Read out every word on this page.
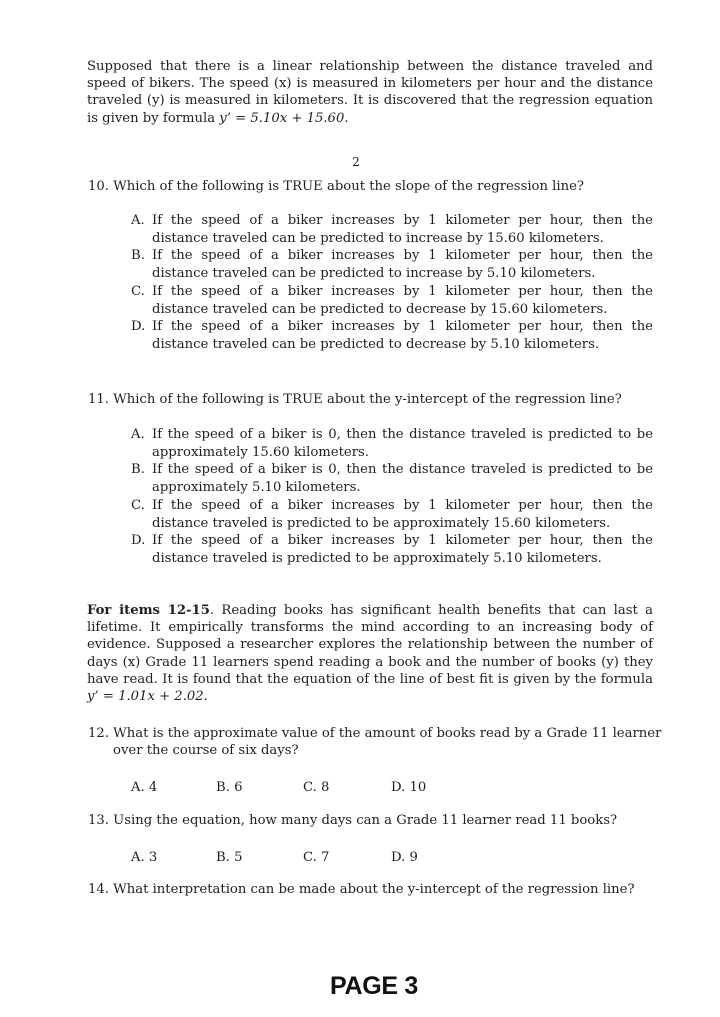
Supposed that there is a linear relationship between the distance traveled and speed of bikers. The speed (x) is measured in kilometers per hour and the distance traveled (y) is measured in kilometers. It is discovered that the regression equation is given by formula y’ = 5.10x + 15.60.
2
10. Which of the following is TRUE about the slope of the regression line?
A. If the speed of a biker increases by 1 kilometer per hour, then the distance traveled can be predicted to increase by 15.60 kilometers.
B. If the speed of a biker increases by 1 kilometer per hour, then the distance traveled can be predicted to increase by 5.10 kilometers.
C. If the speed of a biker increases by 1 kilometer per hour, then the distance traveled can be predicted to decrease by 15.60 kilometers.
D. If the speed of a biker increases by 1 kilometer per hour, then the distance traveled can be predicted to decrease by 5.10 kilometers.
11. Which of the following is TRUE about the y-intercept of the regression line?
A. If the speed of a biker is 0, then the distance traveled is predicted to be approximately 15.60 kilometers.
B. If the speed of a biker is 0, then the distance traveled is predicted to be approximately 5.10 kilometers.
C. If the speed of a biker increases by 1 kilometer per hour, then the distance traveled is predicted to be approximately 15.60 kilometers.
D. If the speed of a biker increases by 1 kilometer per hour, then the distance traveled is predicted to be approximately 5.10 kilometers.
For items 12-15. Reading books has significant health benefits that can last a lifetime. It empirically transforms the mind according to an increasing body of evidence. Supposed a researcher explores the relationship between the number of days (x) Grade 11 learners spend reading a book and the number of books (y) they have read. It is found that the equation of the line of best fit is given by the formula y’ = 1.01x + 2.02.
12. What is the approximate value of the amount of books read by a Grade 11 learner over the course of six days?
A. 4	B. 6	C. 8	D. 10
13. Using the equation, how many days can a Grade 11 learner read 11 books?
A. 3	B. 5	C. 7	D. 9
14. What interpretation can be made about the y-intercept of the regression line?
PAGE 3
